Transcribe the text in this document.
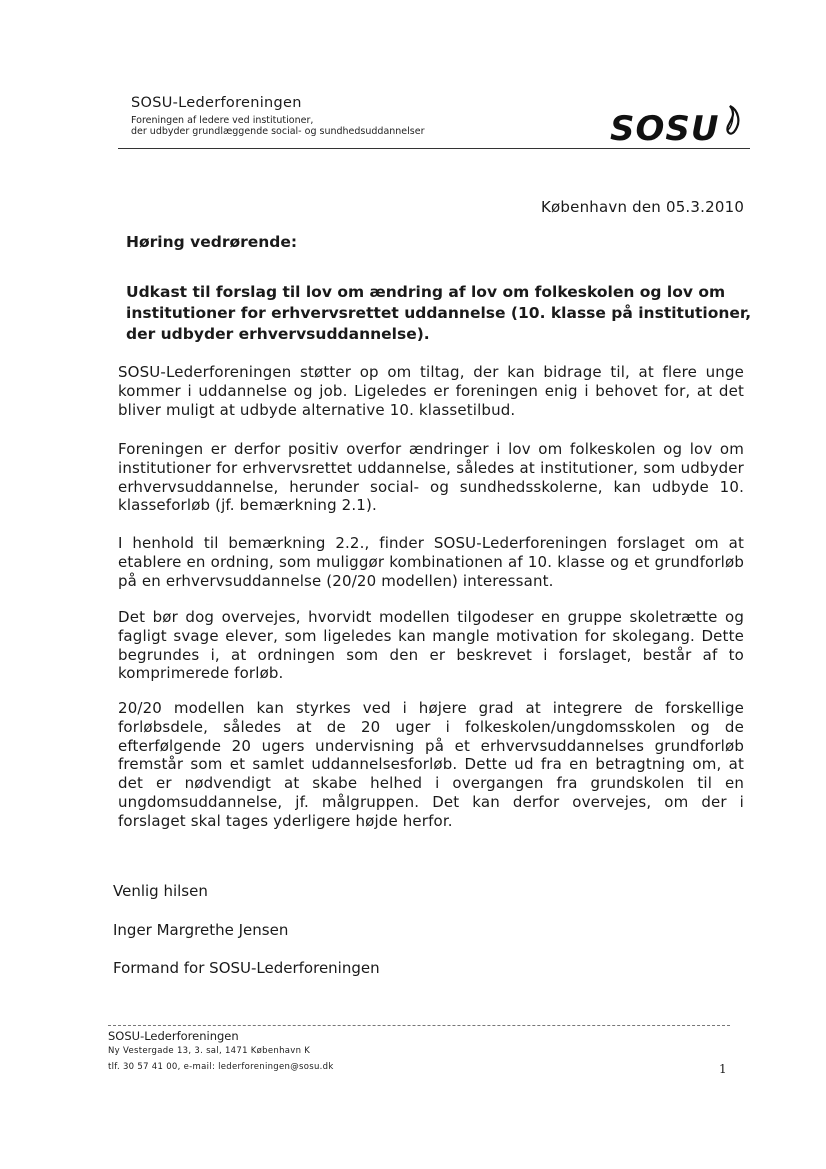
SOSU-Lederforeningen
Foreningen af ledere ved institutioner,
der udbyder grundlæggende social- og sundhedsuddannelser	SOSU
København den 05.3.2010
Høring vedrørende:
Udkast til forslag til lov om ændring af lov om folkeskolen og lov om institutioner for erhvervsrettet uddannelse (10. klasse på institutioner, der udbyder erhvervsuddannelse).
SOSU-Lederforeningen støtter op om tiltag, der kan bidrage til, at flere unge kommer i uddannelse og job. Ligeledes er foreningen enig i behovet for, at det bliver muligt at udbyde alternative 10. klassetilbud.
Foreningen er derfor positiv overfor ændringer i lov om folkeskolen og lov om institutioner for erhvervsrettet uddannelse, således at institutioner, som udbyder erhvervsuddannelse, herunder social- og sundhedsskolerne, kan udbyde 10. klasseforløb (jf. bemærkning 2.1).
I henhold til bemærkning 2.2., finder SOSU-Lederforeningen forslaget om at etablere en ordning, som muliggør kombinationen af 10. klasse og et grundforløb på en erhvervsuddannelse (20/20 modellen) interessant.
Det bør dog overvejes, hvorvidt modellen tilgodeser en gruppe skoletrætte og fagligt svage elever, som ligeledes kan mangle motivation for skolegang. Dette begrundes i, at ordningen som den er beskrevet i forslaget, består af to komprimerede forløb.
20/20 modellen kan styrkes ved i højere grad at integrere de forskellige forløbsdele, således at de 20 uger i folkeskolen/ungdomsskolen og de efterfølgende 20 ugers undervisning på et erhvervsuddannelses grundforløb fremstår som et samlet uddannelsesforløb. Dette ud fra en betragtning om, at det er nødvendigt at skabe helhed i overgangen fra grundskolen til en ungdomsuddannelse, jf. målgruppen. Det kan derfor overvejes, om der i forslaget skal tages yderligere højde herfor.
Venlig hilsen
Inger Margrethe Jensen
Formand for SOSU-Lederforeningen
SOSU-Lederforeningen
Ny Vestergade 13, 3. sal, 1471 København K
tlf. 30 57 41 00, e-mail: lederforeningen@sosu.dk	1
